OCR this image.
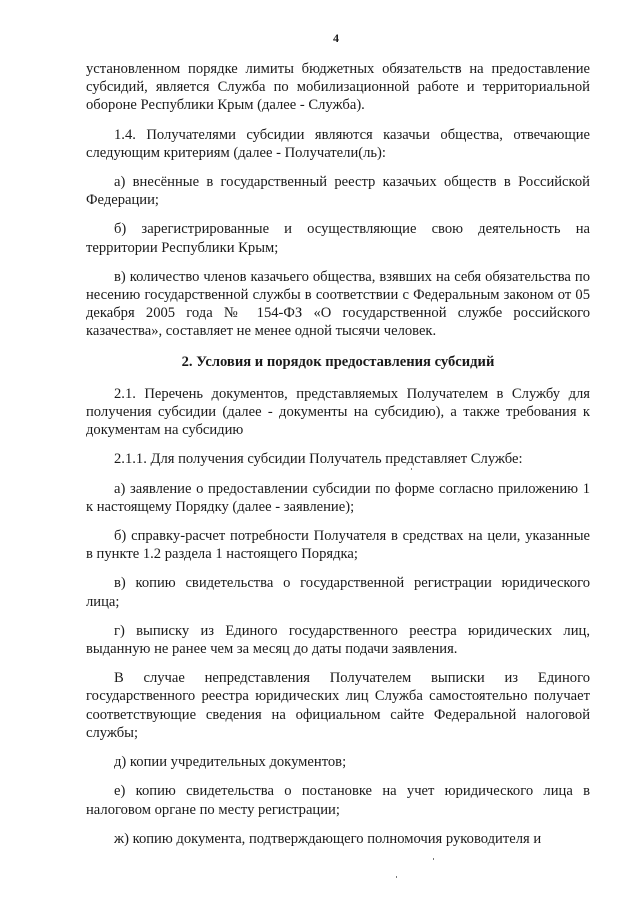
4

установленном порядке лимиты бюджетных обязательств на предоставление субсидий, является Служба по мобилизационной работе и территориальной обороне Республики Крым (далее - Служба).

1.4. Получателями субсидии являются казачьи общества, отвечающие следующим критериям (далее - Получатели(ль):

а) внесённые в государственный реестр казачьих обществ в Российской Федерации;

б) зарегистрированные и осуществляющие свою деятельность на территории Республики Крым;

в) количество членов казачьего общества, взявших на себя обязательства по несению государственной службы в соответствии с Федеральным законом от 05 декабря 2005 года № 154-ФЗ «О государственной службе российского казачества», составляет не менее одной тысячи человек.

2. Условия и порядок предоставления субсидий

2.1. Перечень документов, представляемых Получателем в Службу для получения субсидии (далее - документы на субсидию), а также требования к документам на субсидию

2.1.1. Для получения субсидии Получатель представляет Службе:

а) заявление о предоставлении субсидии по форме согласно приложению 1 к настоящему Порядку (далее - заявление);

б) справку-расчет потребности Получателя в средствах на цели, указанные в пункте 1.2 раздела 1 настоящего Порядка;

в) копию свидетельства о государственной регистрации юридического лица;

г) выписку из Единого государственного реестра юридических лиц, выданную не ранее чем за месяц до даты подачи заявления.

В случае непредставления Получателем выписки из Единого государственного реестра юридических лиц Служба самостоятельно получает соответствующие сведения на официальном сайте Федеральной налоговой службы;

д) копии учредительных документов;

е) копию свидетельства о постановке на учет юридического лица в налоговом органе по месту регистрации;

ж) копию документа, подтверждающего полномочия руководителя и
